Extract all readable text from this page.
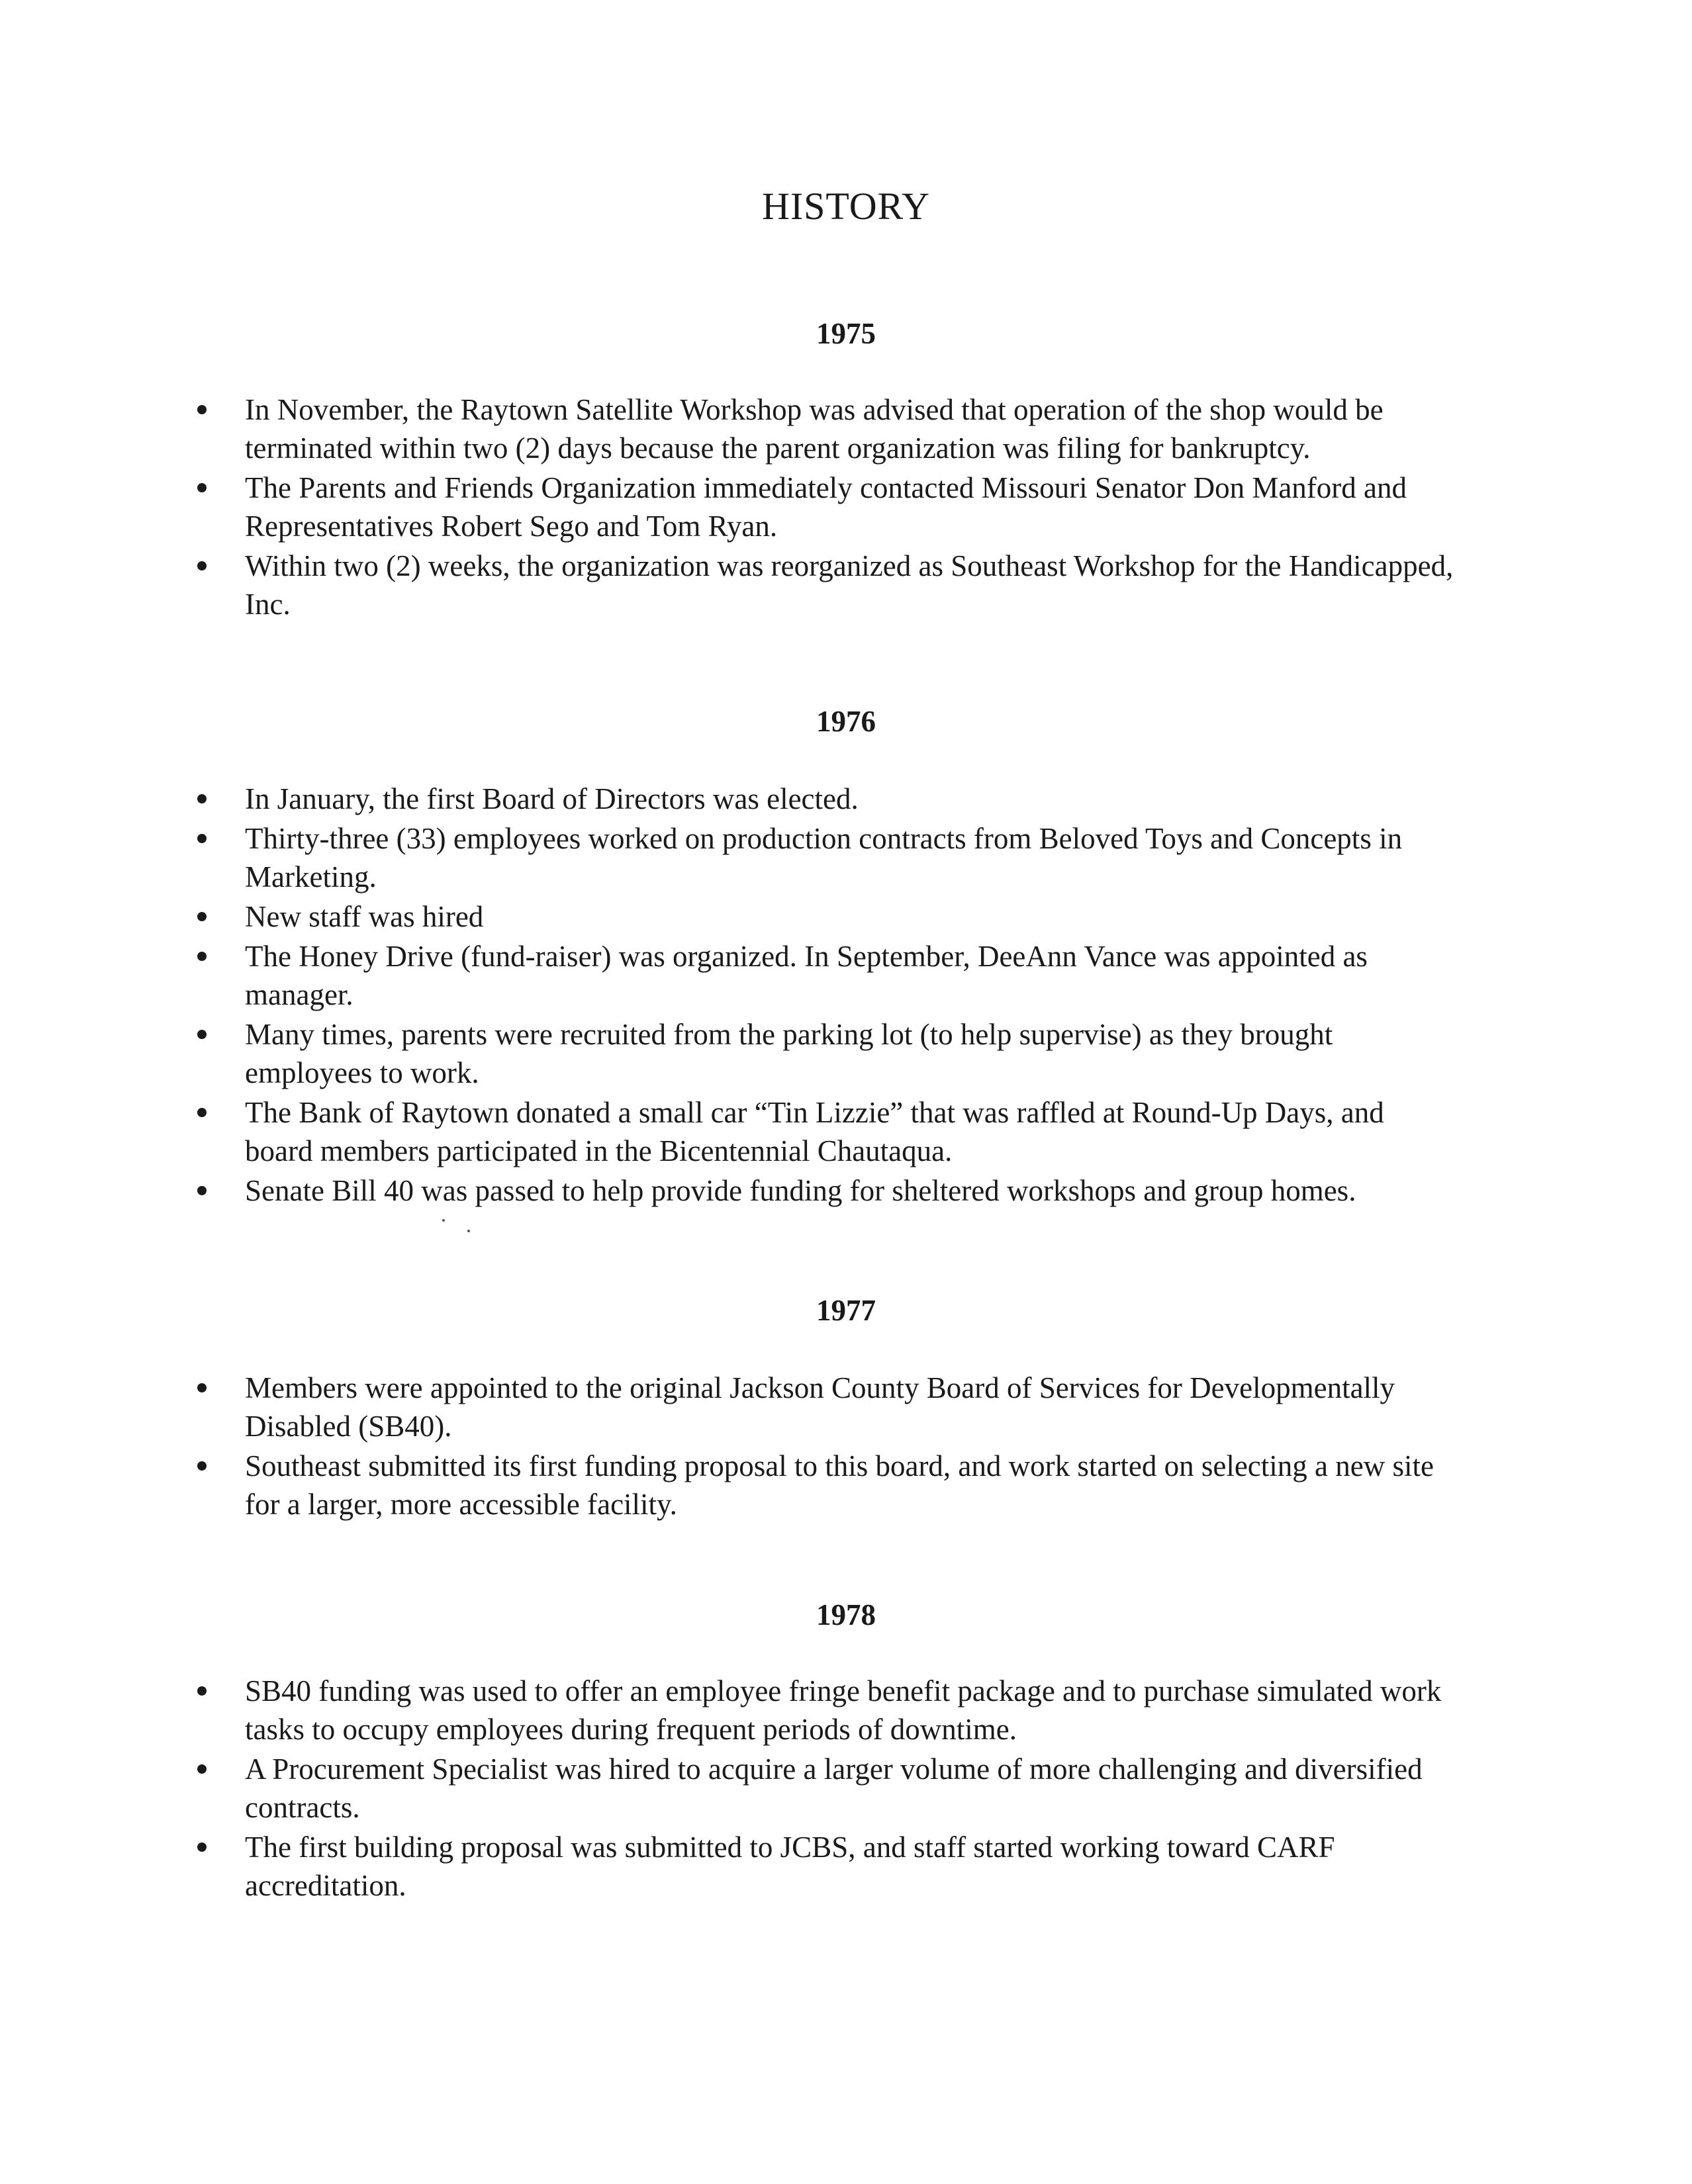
HISTORY
1975
In November, the Raytown Satellite Workshop was advised that operation of the shop would be terminated within two (2) days because the parent organization was filing for bankruptcy.
The Parents and Friends Organization immediately contacted Missouri Senator Don Manford and Representatives Robert Sego and Tom Ryan.
Within two (2) weeks, the organization was reorganized as Southeast Workshop for the Handicapped, Inc.
1976
In January, the first Board of Directors was elected.
Thirty-three (33) employees worked on production contracts from Beloved Toys and Concepts in Marketing.
New staff was hired
The Honey Drive (fund-raiser) was organized. In September, DeeAnn Vance was appointed as manager.
Many times, parents were recruited from the parking lot (to help supervise) as they brought employees to work.
The Bank of Raytown donated a small car “Tin Lizzie” that was raffled at Round-Up Days, and board members participated in the Bicentennial Chautaqua.
Senate Bill 40 was passed to help provide funding for sheltered workshops and group homes.
1977
Members were appointed to the original Jackson County Board of Services for Developmentally Disabled (SB40).
Southeast submitted its first funding proposal to this board, and work started on selecting a new site for a larger, more accessible facility.
1978
SB40 funding was used to offer an employee fringe benefit package and to purchase simulated work tasks to occupy employees during frequent periods of downtime.
A Procurement Specialist was hired to acquire a larger volume of more challenging and diversified contracts.
The first building proposal was submitted to JCBS, and staff started working toward CARF accreditation.
